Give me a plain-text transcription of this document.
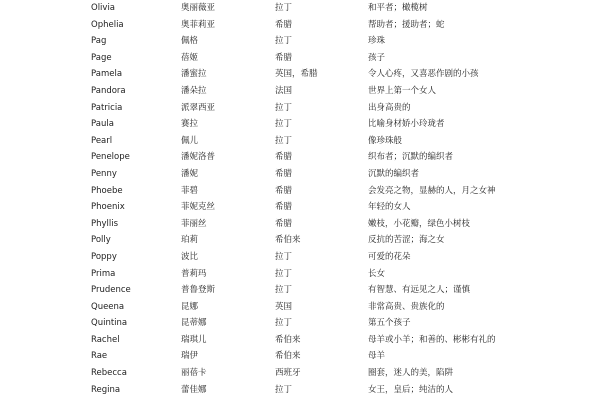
Olivia	奥丽薇亚	拉丁	和平者；橄榄树
Ophelia	奥菲莉亚	希腊	帮助者；援助者；蛇
Pag	佩格	拉丁	珍珠
Page	蓓姬	希腊	孩子
Pamela	潘蜜拉	英国，希腊	令人心疼，又喜恶作剧的小孩
Pandora	潘朵拉	法国	世界上第一个女人
Patricia	派翠西亚	拉丁	出身高贵的
Paula	赛拉	拉丁	比喻身材娇小玲珑者
Pearl	佩儿	拉丁	像珍珠般
Penelope	潘妮洛普	希腊	织布者；沉默的编织者
Penny	潘妮	希腊	沉默的编织者
Phoebe	菲碧	希腊	会发亮之物，显赫的人，月之女神
Phoenix	菲妮克丝	希腊	年轻的女人
Phyllis	菲丽丝	希腊	嫩枝，小花瓣，绿色小树枝
Polly	珀莉	希伯来	反抗的苦涩；海之女
Poppy	波比	拉丁	可爱的花朵
Prima	普莉玛	拉丁	长女
Prudence	普鲁登斯	拉丁	有智慧、有远见之人；谨慎
Queena	昆娜	英国	非常高贵、贵族化的
Quintina	昆蒂娜	拉丁	第五个孩子
Rachel	瑞琪儿	希伯来	母羊或小羊；和善的、彬彬有礼的
Rae	瑞伊	希伯来	母羊
Rebecca	丽蓓卡	西班牙	圈套，迷人的美，陷阱
Regina	蕾佳娜	拉丁	女王，皇后；纯洁的人
